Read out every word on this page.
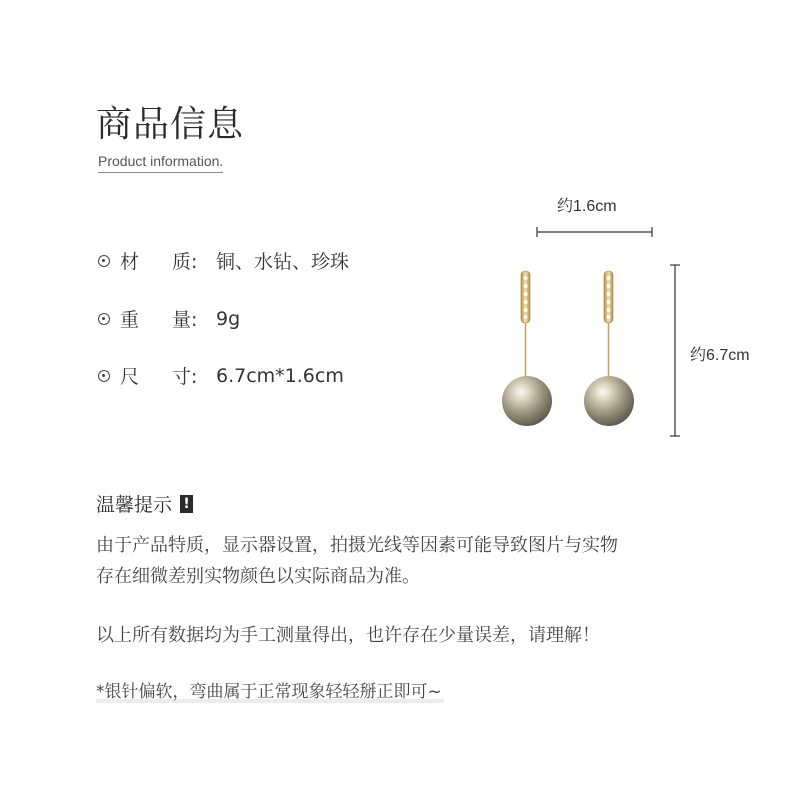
商品信息
Product information.
材	质: 铜、水钻、珍珠
重	量: 9g
尺	寸: 6.7cm*1.6cm
约1.6cm
约6.7cm
温馨提示 !
由于产品特质，显示器设置，拍摄光线等因素可能导致图片与实物
存在细微差别实物颜色以实际商品为准。
以上所有数据均为手工测量得出，也许存在少量误差，请理解！
*银针偏软，弯曲属于正常现象轻轻掰正即可~
